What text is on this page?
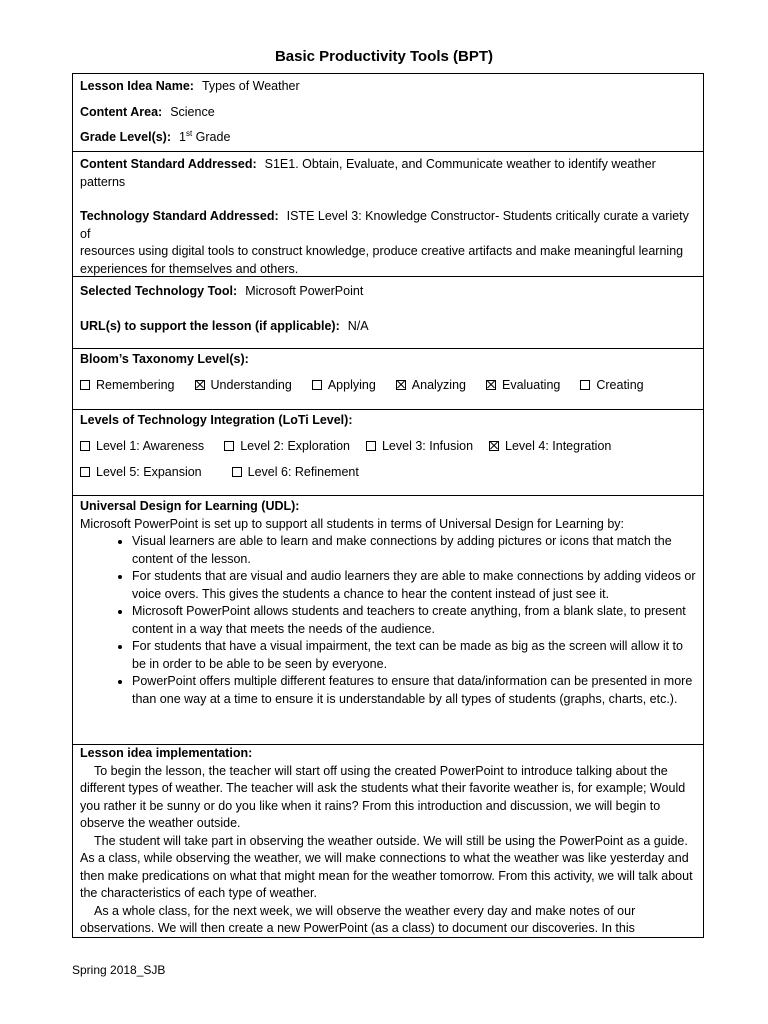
Basic Productivity Tools (BPT)
Lesson Idea Name: Types of Weather
Content Area: Science
Grade Level(s): 1st Grade
Content Standard Addressed: S1E1. Obtain, Evaluate, and Communicate weather to identify weather
patterns
Technology Standard Addressed: ISTE Level 3: Knowledge Constructor- Students critically curate a variety of
resources using digital tools to construct knowledge, produce creative artifacts and make meaningful learning
experiences for themselves and others.
Selected Technology Tool: Microsoft PowerPoint
URL(s) to support the lesson (if applicable): N/A
Bloom’s Taxonomy Level(s):
Remembering	Understanding	Applying	Analyzing	Evaluating	Creating
Levels of Technology Integration (LoTi Level):
Level 1: Awareness	Level 2: Exploration	Level 3: Infusion	Level 4: Integration
Level 5: Expansion	Level 6: Refinement
Universal Design for Learning (UDL):
Microsoft PowerPoint is set up to support all students in terms of Universal Design for Learning by:
• Visual learners are able to learn and make connections by adding pictures or icons that match the content of the lesson.
• For students that are visual and audio learners they are able to make connections by adding videos or voice overs. This gives the students a chance to hear the content instead of just see it.
• Microsoft PowerPoint allows students and teachers to create anything, from a blank slate, to present content in a way that meets the needs of the audience.
• For students that have a visual impairment, the text can be made as big as the screen will allow it to be in order to be able to be seen by everyone.
• PowerPoint offers multiple different features to ensure that data/information can be presented in more than one way at a time to ensure it is understandable by all types of students (graphs, charts, etc.).
Lesson idea implementation:
To begin the lesson, the teacher will start off using the created PowerPoint to introduce talking about the different types of weather. The teacher will ask the students what their favorite weather is, for example; Would you rather it be sunny or do you like when it rains? From this introduction and discussion, we will begin to observe the weather outside.
The student will take part in observing the weather outside. We will still be using the PowerPoint as a guide. As a class, while observing the weather, we will make connections to what the weather was like yesterday and then make predications on what that might mean for the weather tomorrow. From this activity, we will talk about the characteristics of each type of weather.
As a whole class, for the next week, we will observe the weather every day and make notes of our observations. We will then create a new PowerPoint (as a class) to document our discoveries. In this
Spring 2018_SJB
